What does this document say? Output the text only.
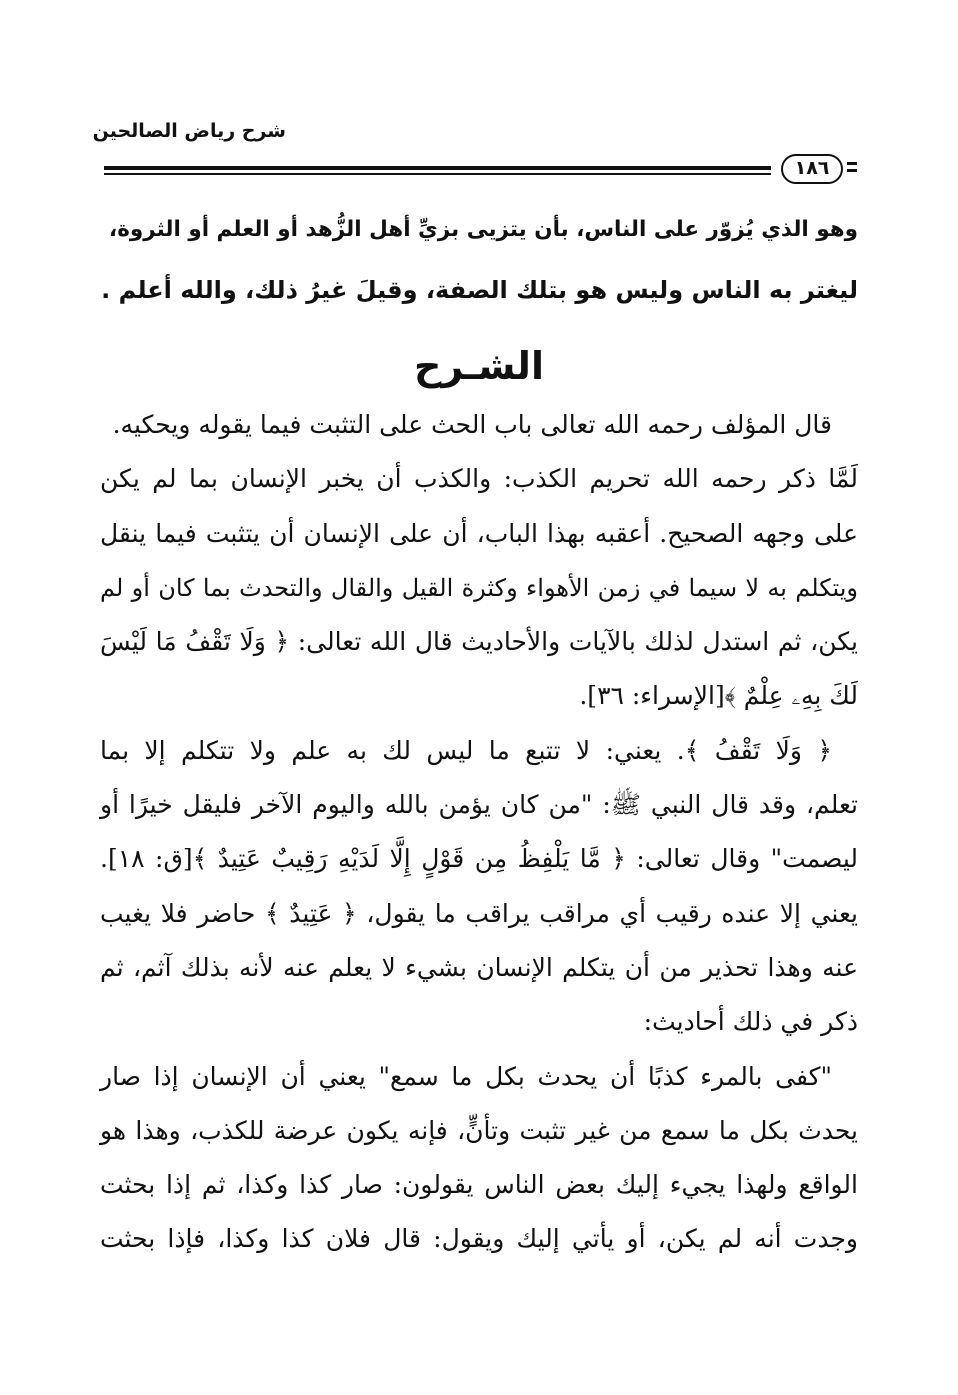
شرح رياض الصالحين
١٨٦

وهو الذي يُزوّر على الناس، بأن يتزيى بزيِّ أهل الزُّهد أو العلم أو الثروة،

ليغتر به الناس وليس هو بتلك الصفة، وقيلَ غيرُ ذلك، والله أعلم .

الشـرح
قال المؤلف رحمه الله تعالى باب الحث على التثبت فيما يقوله ويحكيه.
لَمَّا ذكر رحمه الله تحريم الكذب: والكذب أن يخبر الإنسان بما لم يكن
على وجهه الصحيح. أعقبه بهذا الباب، أن على الإنسان أن يتثبت فيما ينقل
ويتكلم به لا سيما في زمن الأهواء وكثرة القيل والقال والتحدث بما كان أو لم
يكن، ثم استدل لذلك بالآيات والأحاديث قال الله تعالى: ﴿ وَلَا تَقْفُ مَا لَيْسَ
لَكَ بِهِۦ عِلْمٌ ﴾[الإسراء: ٣٦].
﴿ وَلَا تَقْفُ ﴾. يعني: لا تتبع ما ليس لك به علم ولا تتكلم إلا بما
تعلم، وقد قال النبي ﷺ: "من كان يؤمن بالله واليوم الآخر فليقل خيرًا أو
ليصمت" وقال تعالى: ﴿ مَّا يَلْفِظُ مِن قَوْلٍ إِلَّا لَدَيْهِ رَقِيبٌ عَتِيدٌ ﴾[ق: ١٨].
يعني إلا عنده رقيب أي مراقب يراقب ما يقول، ﴿ عَتِيدٌ ﴾ حاضر فلا يغيب
عنه وهذا تحذير من أن يتكلم الإنسان بشيء لا يعلم عنه لأنه بذلك آثم، ثم
ذكر في ذلك أحاديث:
"كفى بالمرء كذبًا أن يحدث بكل ما سمع" يعني أن الإنسان إذا صار
يحدث بكل ما سمع من غير تثبت وتأنٍّ، فإنه يكون عرضة للكذب، وهذا هو
الواقع ولهذا يجيء إليك بعض الناس يقولون: صار كذا وكذا، ثم إذا بحثت
وجدت أنه لم يكن، أو يأتي إليك ويقول: قال فلان كذا وكذا، فإذا بحثت
